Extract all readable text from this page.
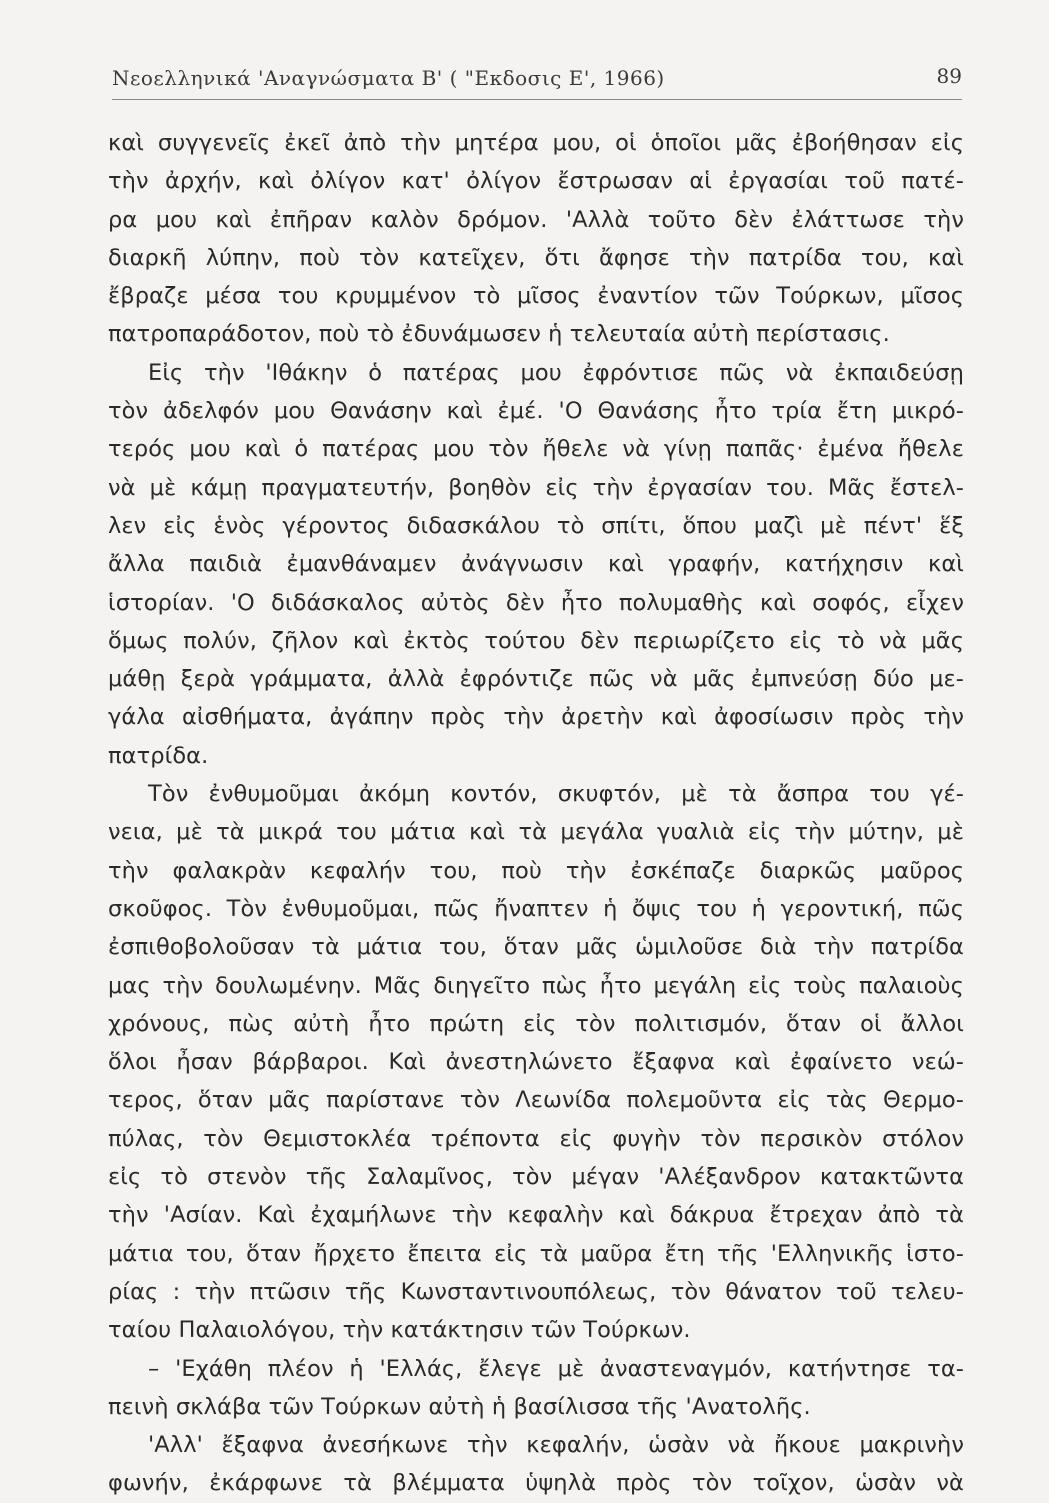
Νεοελληνικά 'Αναγνώσματα Β' ( "Εκδοσις Ε', 1966)	89
καὶ συγγενεῖς ἐκεῖ ἀπὸ τὴν μητέρα μου, οἱ ὁποῖοι μᾶς ἐβοήθησαν εἰς
τὴν ἀρχήν, καὶ ὀλίγον κατ' ὀλίγον ἔστρωσαν αἱ ἐργασίαι τοῦ πατέ-
ρα μου καὶ ἐπῆραν καλὸν δρόμον. 'Αλλὰ τοῦτο δὲν ἐλάττωσε τὴν
διαρκῆ λύπην, ποὺ τὸν κατεῖχεν, ὅτι ἄφησε τὴν πατρίδα του, καὶ
ἔβραζε μέσα του κρυμμένον τὸ μῖσος ἐναντίον τῶν Τούρκων, μῖσος
πατροπαράδοτον, ποὺ τὸ ἐδυνάμωσεν ἡ τελευταία αὐτὴ περίστασις.
Εἰς τὴν 'Ιθάκην ὁ πατέρας μου ἐφρόντισε πῶς νὰ ἐκπαιδεύσῃ
τὸν ἀδελφόν μου Θανάσην καὶ ἐμέ. 'Ο Θανάσης ἦτο τρία ἔτη μικρό-
τερός μου καὶ ὁ πατέρας μου τὸν ἤθελε νὰ γίνῃ παπᾶς· ἐμένα ἤθελε
νὰ μὲ κάμῃ πραγματευτήν, βοηθὸν εἰς τὴν ἐργασίαν του. Μᾶς ἔστελ-
λεν εἰς ἑνὸς γέροντος διδασκάλου τὸ σπίτι, ὅπου μαζὶ μὲ πέντ' ἕξ
ἄλλα παιδιὰ ἐμανθάναμεν ἀνάγνωσιν καὶ γραφήν, κατήχησιν καὶ
ἱστορίαν. 'Ο διδάσκαλος αὐτὸς δὲν ἦτο πολυμαθὴς καὶ σοφός, εἶχεν
ὅμως πολύν, ζῆλον καὶ ἐκτὸς τούτου δὲν περιωρίζετο εἰς τὸ νὰ μᾶς
μάθῃ ξερὰ γράμματα, ἀλλὰ ἐφρόντιζε πῶς νὰ μᾶς ἐμπνεύσῃ δύο με-
γάλα αἰσθήματα, ἀγάπην πρὸς τὴν ἀρετὴν καὶ ἀφοσίωσιν πρὸς τὴν
πατρίδα.
Τὸν ἐνθυμοῦμαι ἀκόμη κοντόν, σκυφτόν, μὲ τὰ ἄσπρα του γέ-
νεια, μὲ τὰ μικρά του μάτια καὶ τὰ μεγάλα γυαλιὰ εἰς τὴν μύτην, μὲ
τὴν φαλακρὰν κεφαλήν του, ποὺ τὴν ἐσκέπαζε διαρκῶς μαῦρος
σκοῦφος. Τὸν ἐνθυμοῦμαι, πῶς ἤναπτεν ἡ ὄψις του ἡ γεροντική, πῶς
ἐσπιθοβολοῦσαν τὰ μάτια του, ὅταν μᾶς ὡμιλοῦσε διὰ τὴν πατρίδα
μας τὴν δουλωμένην. Μᾶς διηγεῖτο πὼς ἦτο μεγάλη εἰς τοὺς παλαιοὺς
χρόνους, πὼς αὐτὴ ἦτο πρώτη εἰς τὸν πολιτισμόν, ὅταν οἱ ἄλλοι
ὅλοι ἦσαν βάρβαροι. Καὶ ἀνεστηλώνετο ἔξαφνα καὶ ἐφαίνετο νεώ-
τερος, ὅταν μᾶς παρίστανε τὸν Λεωνίδα πολεμοῦντα εἰς τὰς Θερμο-
πύλας, τὸν Θεμιστοκλέα τρέποντα εἰς φυγὴν τὸν περσικὸν στόλον
εἰς τὸ στενὸν τῆς Σαλαμῖνος, τὸν μέγαν 'Αλέξανδρον κατακτῶντα
τὴν 'Ασίαν. Καὶ ἐχαμήλωνε τὴν κεφαλὴν καὶ δάκρυα ἔτρεχαν ἀπὸ τὰ
μάτια του, ὅταν ἤρχετο ἔπειτα εἰς τὰ μαῦρα ἔτη τῆς 'Ελληνικῆς ἱστο-
ρίας : τὴν πτῶσιν τῆς Κωνσταντινουπόλεως, τὸν θάνατον τοῦ τελευ-
ταίου Παλαιολόγου, τὴν κατάκτησιν τῶν Τούρκων.
– 'Εχάθη πλέον ἡ 'Ελλάς, ἔλεγε μὲ ἀναστεναγμόν, κατήντησε τα-
πεινὴ σκλάβα τῶν Τούρκων αὐτὴ ἡ βασίλισσα τῆς 'Ανατολῆς.
'Αλλ' ἔξαφνα ἀνεσήκωνε τὴν κεφαλήν, ὡσὰν νὰ ἤκουε μακρινὴν
φωνήν, ἐκάρφωνε τὰ βλέμματα ὑψηλὰ πρὸς τὸν τοῖχον, ὡσὰν νὰ
